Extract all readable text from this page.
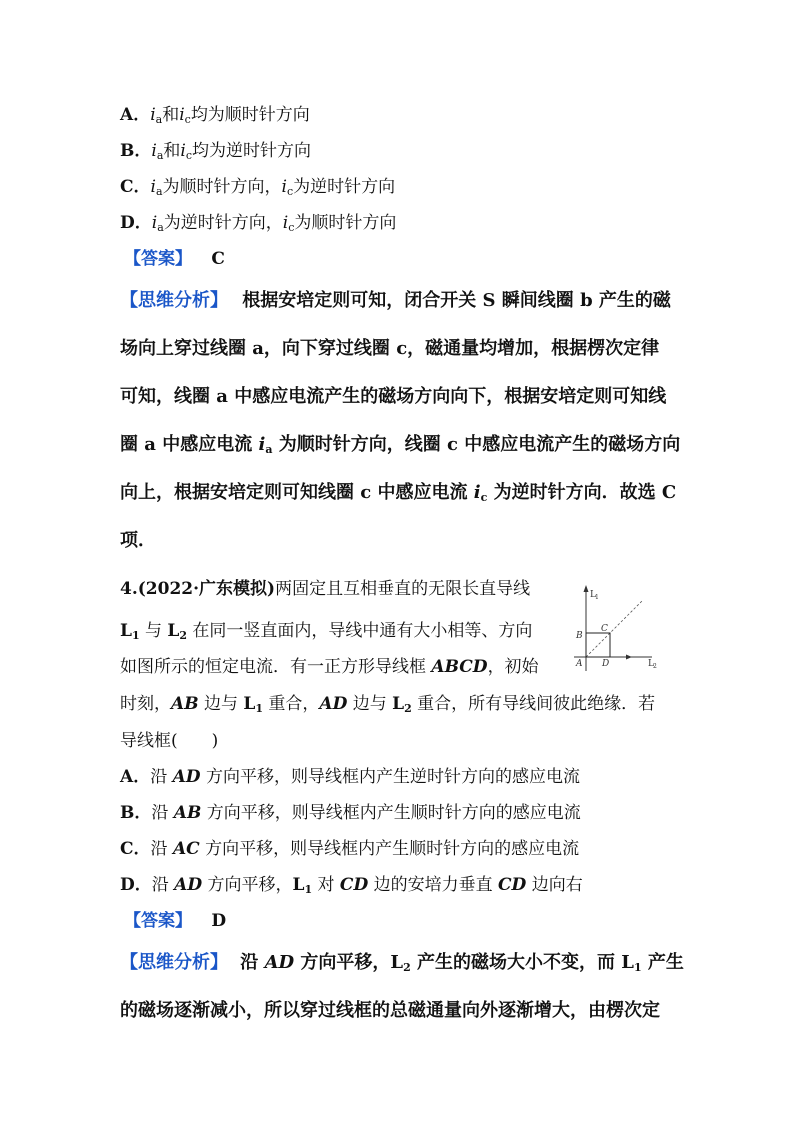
A．$i_a$和$i_c$均为顺时针方向
B．$i_a$和$i_c$均为逆时针方向
C．$i_a$为顺时针方向，$i_c$为逆时针方向
D．$i_a$为逆时针方向，$i_c$为顺时针方向
【答案】 C
【思维分析】 根据安培定则可知，闭合开关 S 瞬间线圈 b 产生的磁
场向上穿过线圈 a，向下穿过线圈 c，磁通量均增加，根据楞次定律
可知，线圈 a 中感应电流产生的磁场方向向下，根据安培定则可知线
圈 a 中感应电流 $i_a$ 为顺时针方向，线圈 c 中感应电流产生的磁场方向
向上，根据安培定则可知线圈 c 中感应电流 $i_c$ 为逆时针方向．故选 C
项．
4.(2022·广东模拟)两固定且互相垂直的无限长直导线
$L_1$ 与 $L_2$ 在同一竖直面内，导线中通有大小相等、方向
如图所示的恒定电流．有一正方形导线框 ABCD，初始
时刻，AB 边与 $L_1$ 重合，AD 边与 $L_2$ 重合，所有导线间彼此绝缘．若
导线框(　　)
L 1
L 2
A
B
C
D
A．沿 AD 方向平移，则导线框内产生逆时针方向的感应电流
B．沿 AB 方向平移，则导线框内产生顺时针方向的感应电流
C．沿 AC 方向平移，则导线框内产生顺时针方向的感应电流
D．沿 AD 方向平移，$L_1$ 对 CD 边的安培力垂直 CD 边向右
【答案】 D
【思维分析】 沿 AD 方向平移，$L_2$ 产生的磁场大小不变，而 $L_1$ 产生
的磁场逐渐减小，所以穿过线框的总磁通量向外逐渐增大，由楞次定
